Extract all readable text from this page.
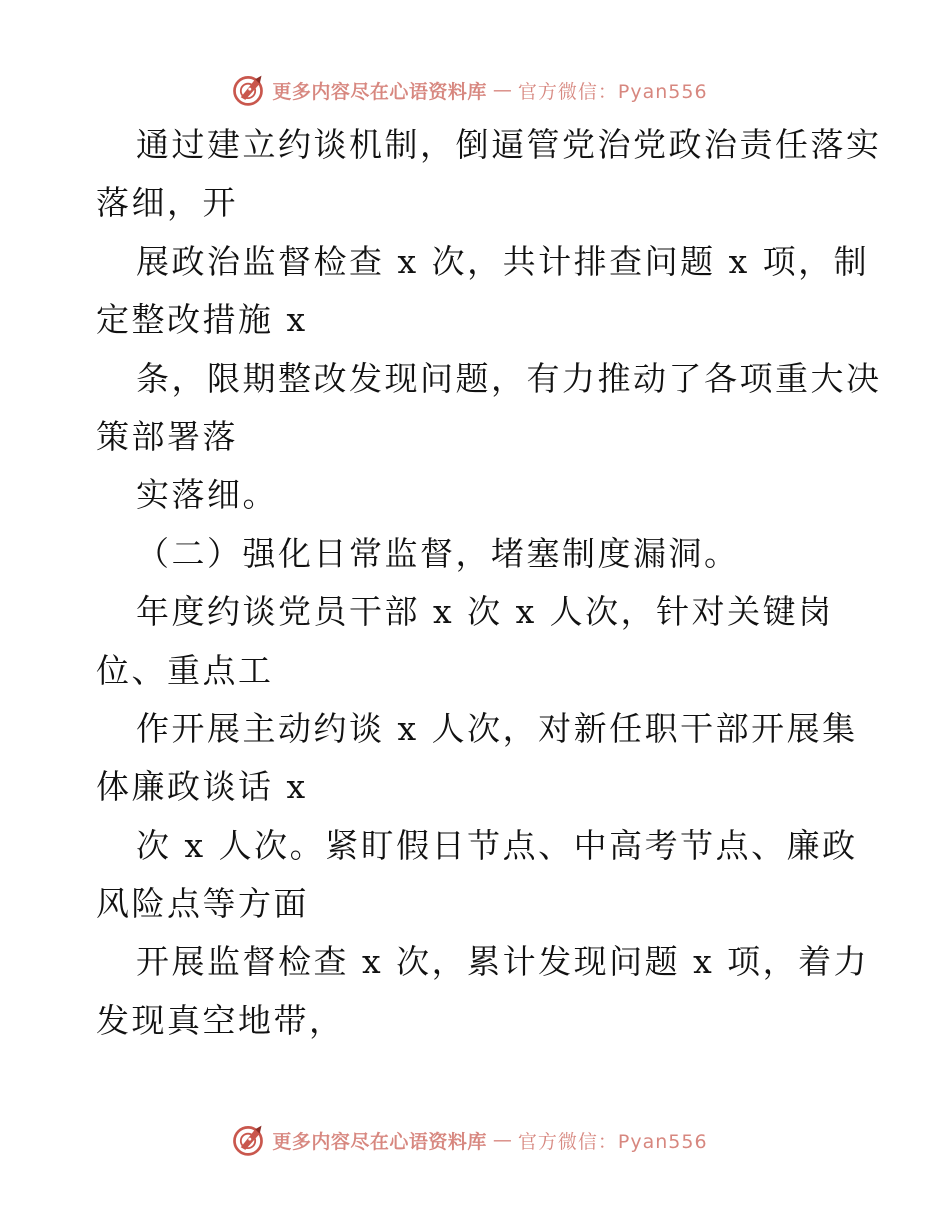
更多内容尽在心语资料库 — 官方微信：Pyan556
通过建立约谈机制，倒逼管党治党政治责任落实
落细，开
展政治监督检查 x 次，共计排查问题 x 项，制
定整改措施 x
条，限期整改发现问题，有力推动了各项重大决
策部署落
实落细。
（二）强化日常监督，堵塞制度漏洞。
年度约谈党员干部 x 次 x 人次，针对关键岗
位、重点工
作开展主动约谈 x 人次，对新任职干部开展集
体廉政谈话 x
次 x 人次。紧盯假日节点、中高考节点、廉政
风险点等方面
开展监督检查 x 次，累计发现问题 x 项，着力
发现真空地带，
更多内容尽在心语资料库 — 官方微信：Pyan556
